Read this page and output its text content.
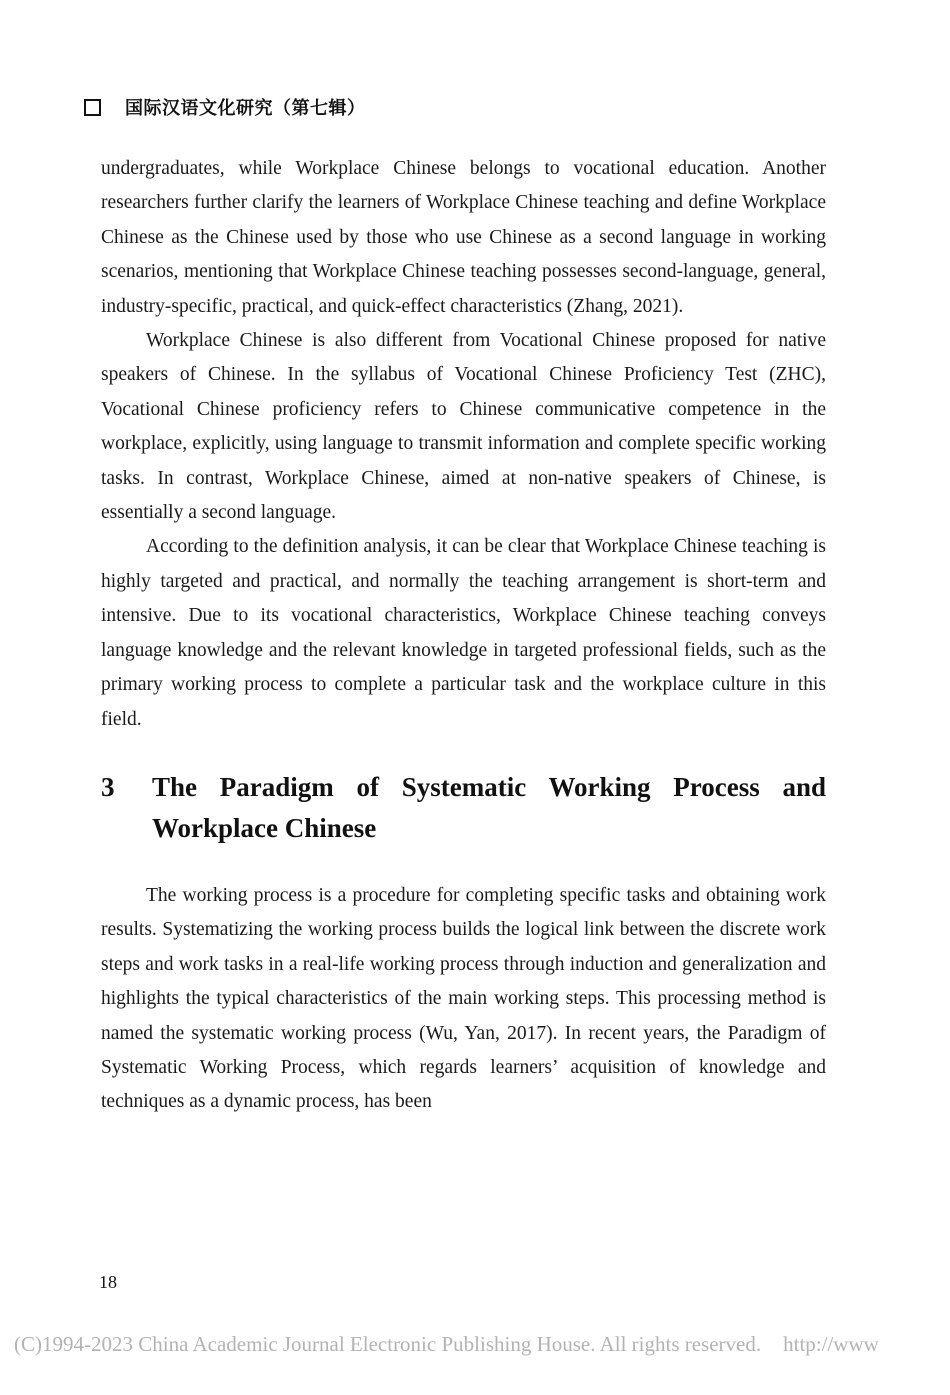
国际汉语文化研究（第七辑）

undergraduates, while Workplace Chinese belongs to vocational education. Another researchers further clarify the learners of Workplace Chinese teaching and define Workplace Chinese as the Chinese used by those who use Chinese as a second language in working scenarios, mentioning that Workplace Chinese teaching possesses second-language, general, industry-specific, practical, and quick-effect characteristics (Zhang, 2021).

Workplace Chinese is also different from Vocational Chinese proposed for native speakers of Chinese. In the syllabus of Vocational Chinese Proficiency Test (ZHC), Vocational Chinese proficiency refers to Chinese communicative competence in the workplace, explicitly, using language to transmit information and complete specific working tasks. In contrast, Workplace Chinese, aimed at non-native speakers of Chinese, is essentially a second language.

According to the definition analysis, it can be clear that Workplace Chinese teaching is highly targeted and practical, and normally the teaching arrangement is short-term and intensive. Due to its vocational characteristics, Workplace Chinese teaching conveys language knowledge and the relevant knowledge in targeted professional fields, such as the primary working process to complete a particular task and the workplace culture in this field.

3	The Paradigm of Systematic Working Process and Workplace Chinese

The working process is a procedure for completing specific tasks and obtaining work results. Systematizing the working process builds the logical link between the discrete work steps and work tasks in a real-life working process through induction and generalization and highlights the typical characteristics of the main working steps. This processing method is named the systematic working process (Wu, Yan, 2017). In recent years, the Paradigm of Systematic Working Process, which regards learners’ acquisition of knowledge and techniques as a dynamic process, has been

18
(C)1994-2023 China Academic Journal Electronic Publishing House. All rights reserved. http://www
